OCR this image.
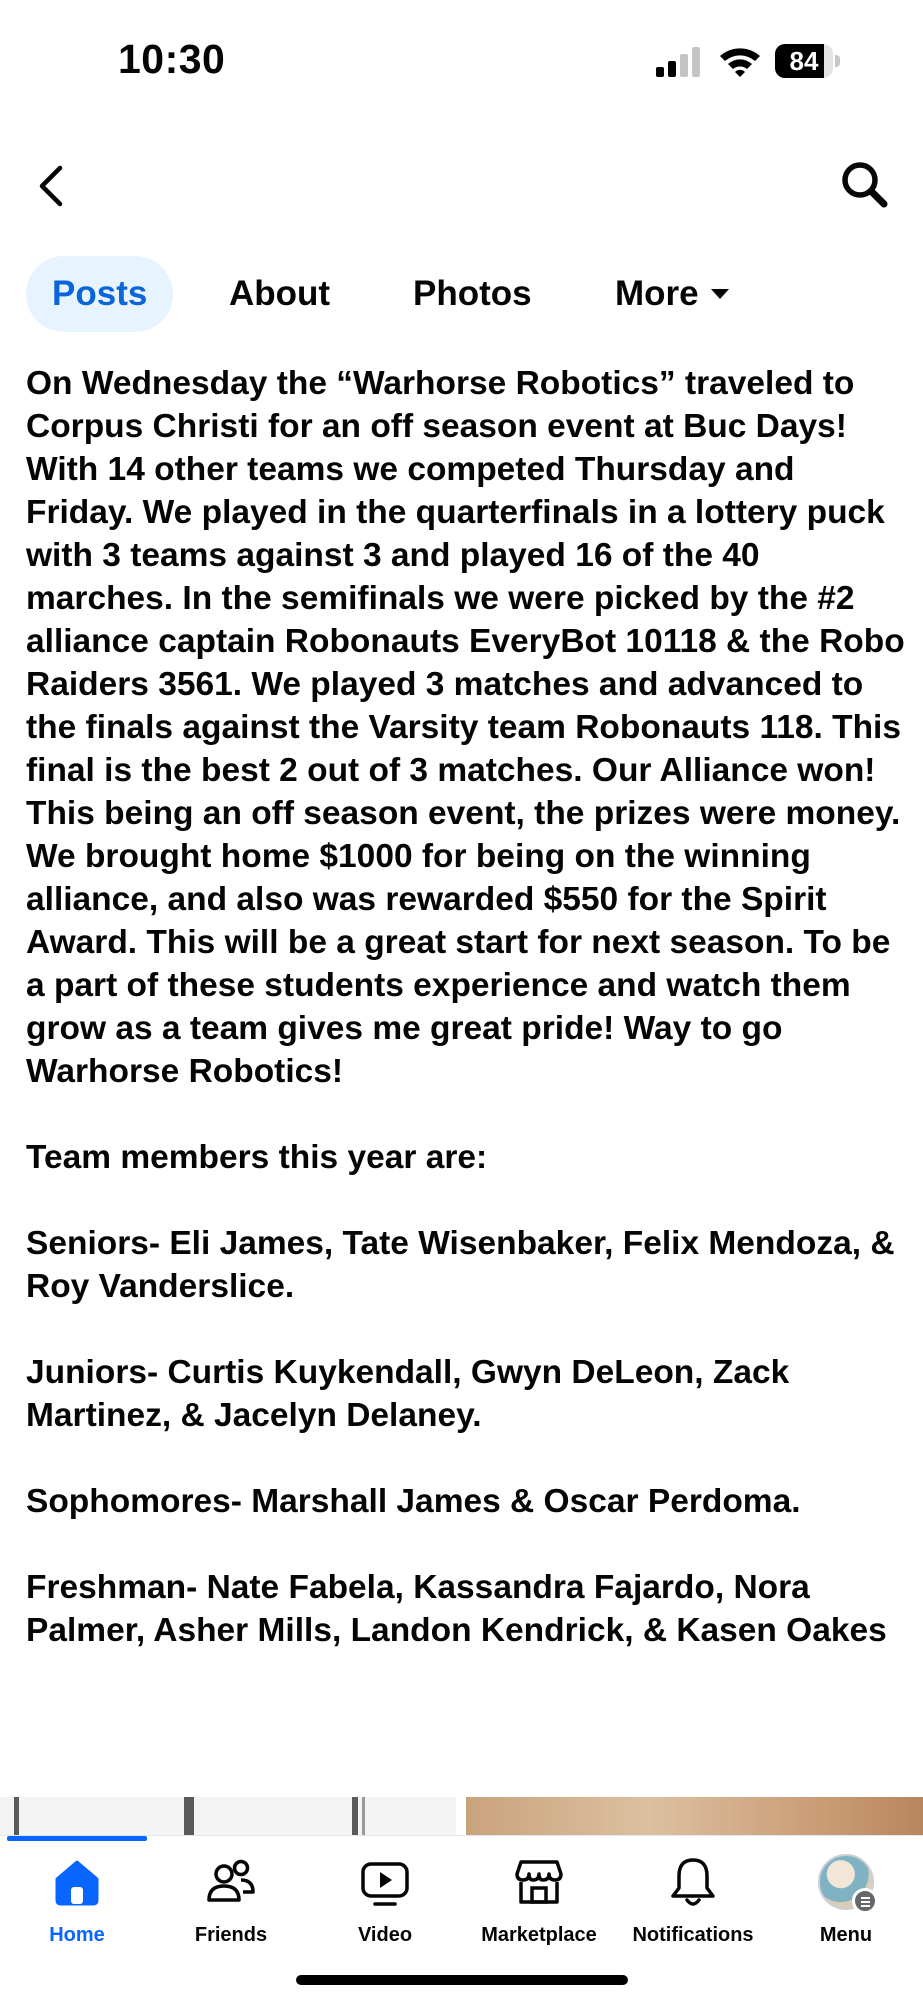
10:30	84
Posts	About Photos More

On Wednesday the “Warhorse Robotics” traveled to Corpus Christi for an off season event at Buc Days! With 14 other teams we competed Thursday and Friday. We played in the quarterfinals in a lottery puck with 3 teams against 3 and played 16 of the 40 marches. In the semifinals we were picked by the #2 alliance captain Robonauts EveryBot 10118 & the Robo Raiders 3561. We played 3 matches and advanced to the finals against the Varsity team Robonauts 118. This final is the best 2 out of 3 matches. Our Alliance won! This being an off season event, the prizes were money. We brought home $1000 for being on the winning alliance, and also was rewarded $550 for the Spirit Award. This will be a great start for next season. To be a part of these students experience and watch them grow as a team gives me great pride! Way to go Warhorse Robotics!

Team members this year are:

Seniors- Eli James, Tate Wisenbaker, Felix Mendoza, & Roy Vanderslice.

Juniors- Curtis Kuykendall, Gwyn DeLeon, Zack Martinez, & Jacelyn Delaney.

Sophomores- Marshall James & Oscar Perdoma.

Freshman- Nate Fabela, Kassandra Fajardo, Nora Palmer, Asher Mills, Landon Kendrick, & Kasen Oakes

Home	Friends	Video	Marketplace	Notifications	Menu
